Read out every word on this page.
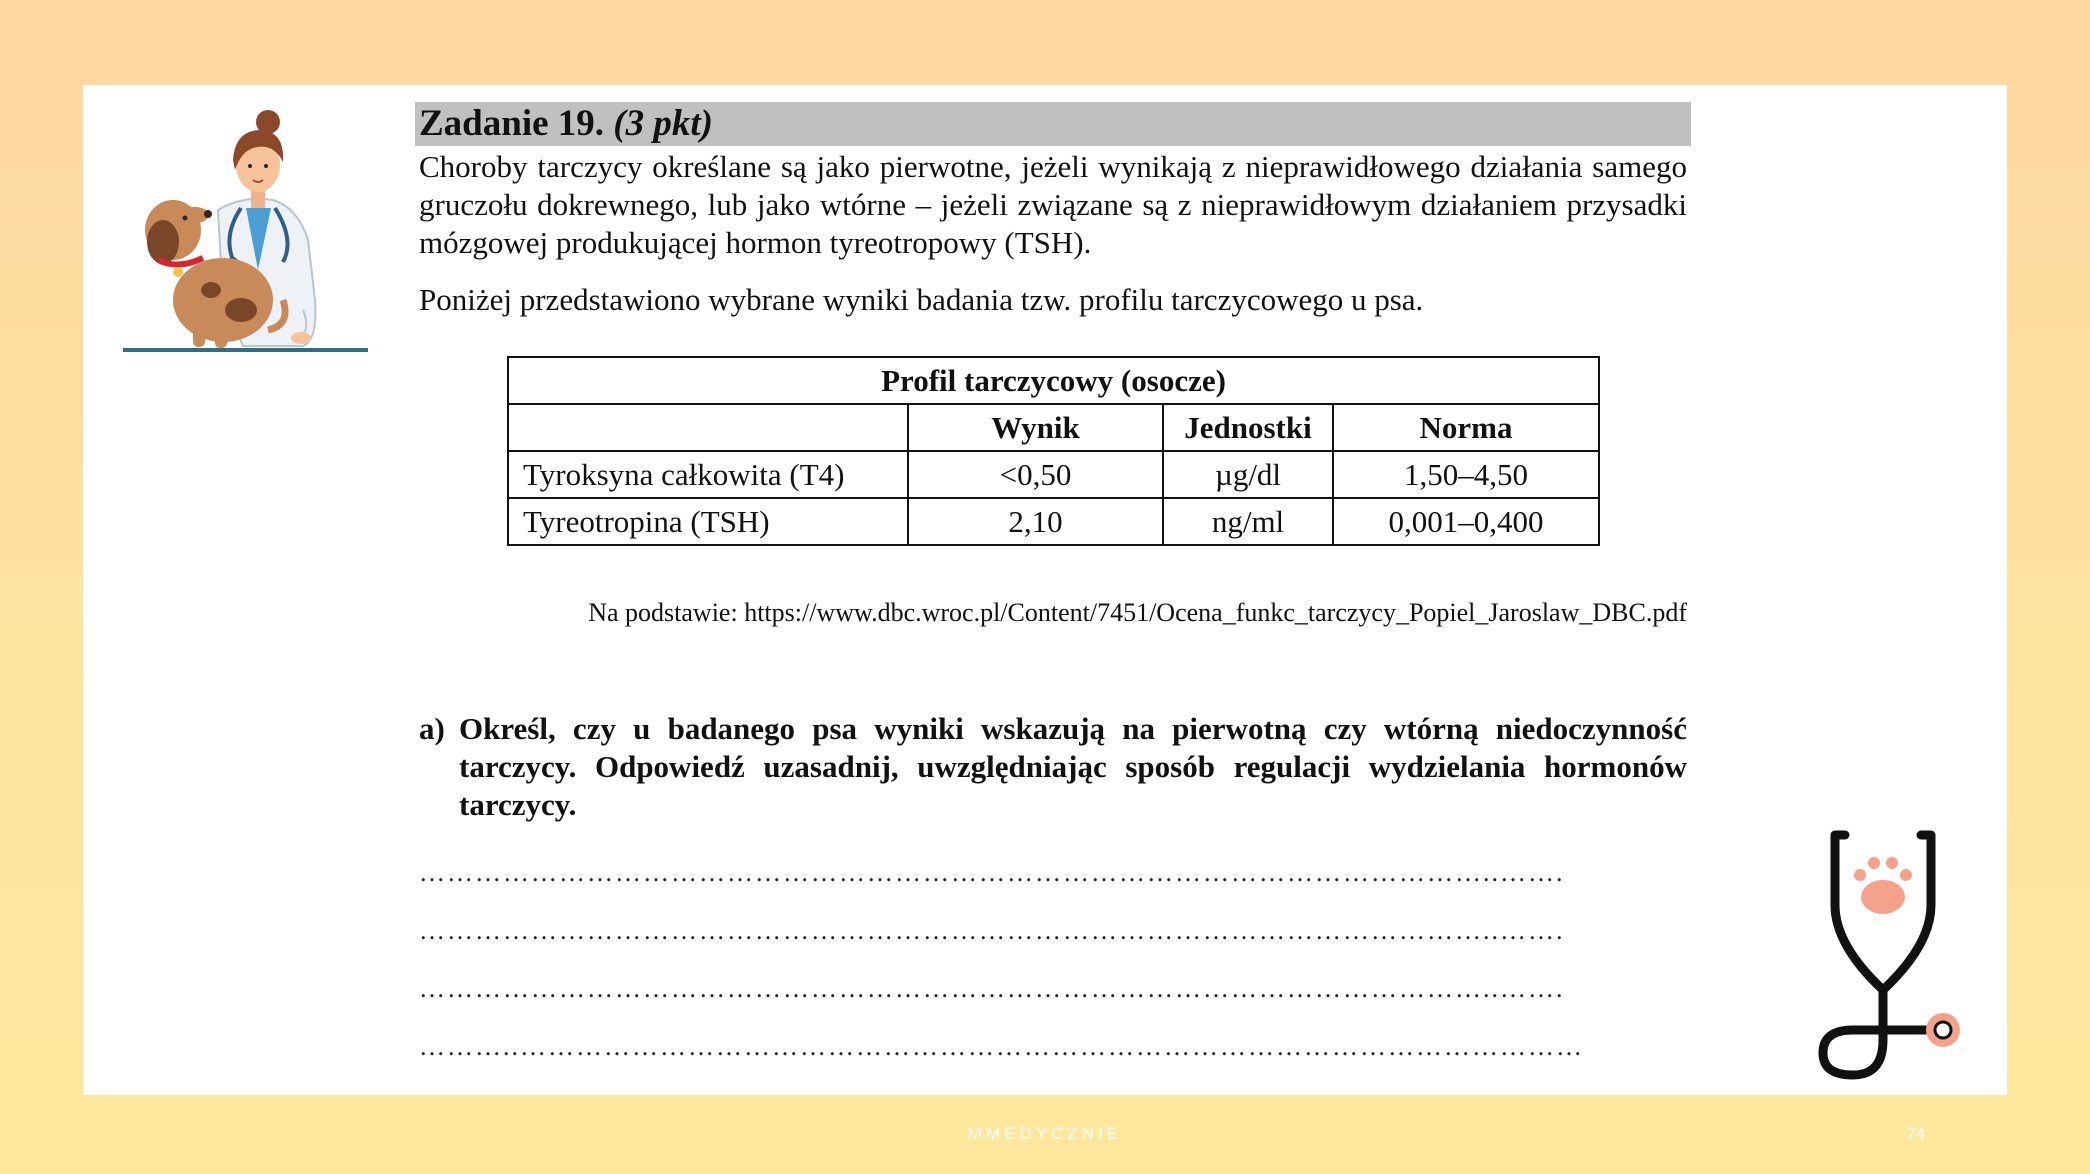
Zadanie 19. (3 pkt)

Choroby tarczycy określane są jako pierwotne, jeżeli wynikają z nieprawidłowego działania samego gruczołu dokrewnego, lub jako wtórne – jeżeli związane są z nieprawidłowym działaniem przysadki mózgowej produkującej hormon tyreotropowy (TSH).

Poniżej przedstawiono wybrane wyniki badania tzw. profilu tarczycowego u psa.

Profil tarczycowy (osocze)			
	Wynik	Jednostki	Norma
Tyroksyna całkowita (T4)	<0,50	µg/dl	1,50–4,50
Tyreotropina (TSH)	2,10	ng/ml	0,001–0,400
Na podstawie: https://www.dbc.wroc.pl/Content/7451/Ocena_funkc_tarczycy_Popiel_Jaroslaw_DBC.pdf
a) Określ, czy u badanego psa wyniki wskazują na pierwotną czy wtórną niedoczynność tarczycy. Odpowiedź uzasadnij, uwzględniając sposób regulacji wydzielania hormonów tarczycy.
……………………………………………………………………………………………………..…….
……………………………………………………………………………………………………..…….
……………………………………………………………………………………………………..…….
………..……………………………………………………………………………………………………
MMEDYCZNIE	74
